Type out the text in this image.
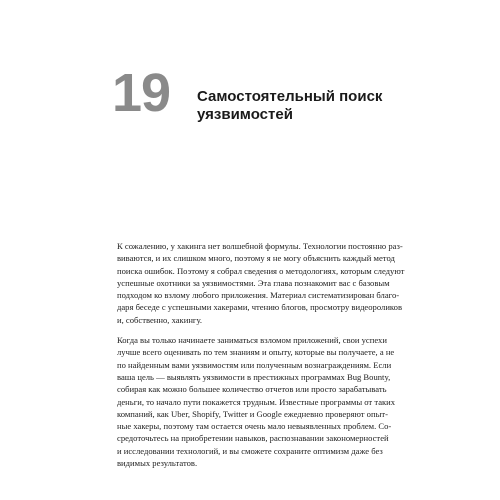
19 Самостоятельный поиск
уязвимостей

К сожалению, у хакинга нет волшебной формулы. Технологии постоянно раз-
виваются, и их слишком много, поэтому я не могу объяснить каждый метод
поиска ошибок. Поэтому я собрал сведения о методологиях, которым следуют
успешные охотники за уязвимостями. Эта глава познакомит вас с базовым
подходом ко взлому любого приложения. Материал систематизирован благо-
даря беседе с успешными хакерами, чтению блогов, просмотру видеороликов
и, собственно, хакингу.

Когда вы только начинаете заниматься взломом приложений, свои успехи
лучше всего оценивать по тем знаниям и опыту, которые вы получаете, а не
по найденным вами уязвимостям или полученным вознаграждениям. Если
ваша цель — выявлять уязвимости в престижных программах Bug Bounty,
собирая как можно большее количество отчетов или просто зарабатывать
деньги, то начало пути покажется трудным. Известные программы от таких
компаний, как Uber, Shopify, Twitter и Google ежедневно проверяют опыт-
ные хакеры, поэтому там остается очень мало невыявленных проблем. Со-
средоточьтесь на приобретении навыков, распознавании закономерностей
и исследовании технологий, и вы сможете сохраните оптимизм даже без
видимых результатов.
